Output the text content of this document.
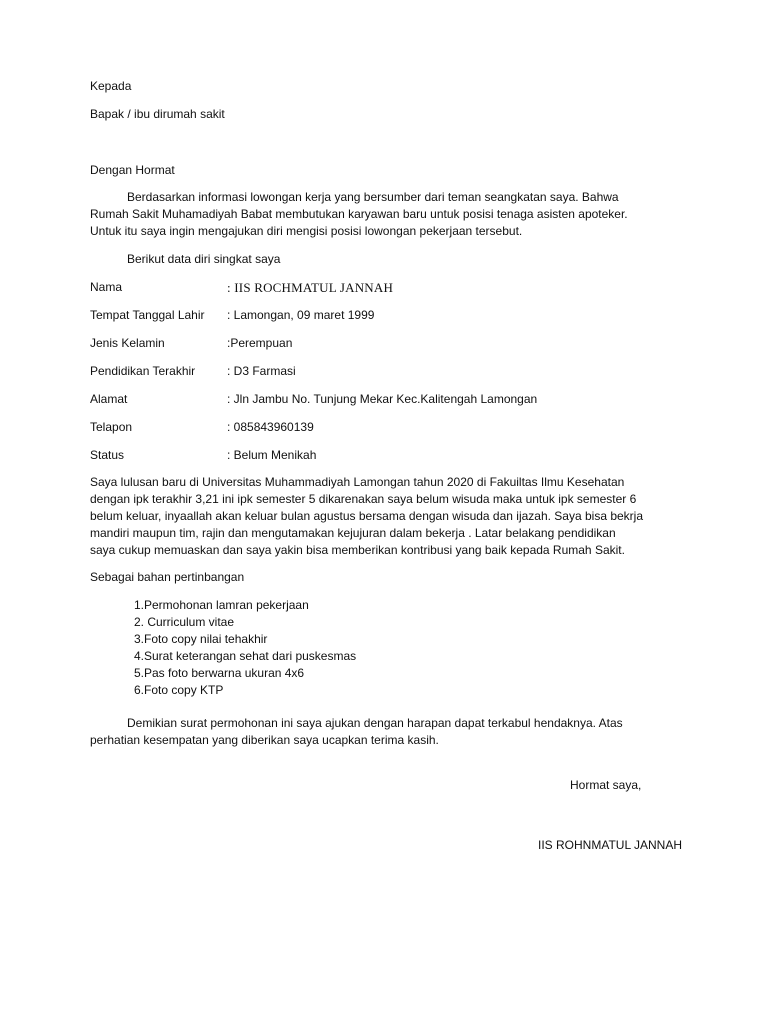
Kepada
Bapak / ibu dirumah sakit
Dengan Hormat
Berdasarkan informasi lowongan kerja yang bersumber dari teman seangkatan saya. Bahwa
Rumah Sakit Muhamadiyah Babat membutukan karyawan baru untuk posisi tenaga asisten apoteker.
Untuk itu saya ingin mengajukan diri mengisi posisi lowongan pekerjaan tersebut.
Berikut data diri singkat saya
Nama	: IIS ROCHMATUL JANNAH
Tempat Tanggal Lahir : Lamongan, 09 maret 1999
Jenis Kelamin	:Perempuan
Pendidikan Terakhir	: D3 Farmasi
Alamat	: Jln Jambu No. Tunjung Mekar Kec.Kalitengah Lamongan
Telapon	: 085843960139
Status	: Belum Menikah
Saya lulusan baru di Universitas Muhammadiyah Lamongan tahun 2020 di Fakuiltas Ilmu Kesehatan
dengan ipk terakhir 3,21 ini ipk semester 5 dikarenakan saya belum wisuda maka untuk ipk semester 6
belum keluar, inyaallah akan keluar bulan agustus bersama dengan wisuda dan ijazah. Saya bisa bekrja
mandiri maupun tim, rajin dan mengutamakan kejujuran dalam bekerja . Latar belakang pendidikan
saya cukup memuaskan dan saya yakin bisa memberikan kontribusi yang baik kepada Rumah Sakit.
Sebagai bahan pertinbangan
1.Permohonan lamran pekerjaan
2. Curriculum vitae
3.Foto copy nilai tehakhir
4.Surat keterangan sehat dari puskesmas
5.Pas foto berwarna ukuran 4x6
6.Foto copy KTP
Demikian surat permohonan ini saya ajukan dengan harapan dapat terkabul hendaknya. Atas
perhatian kesempatan yang diberikan saya ucapkan terima kasih.
Hormat saya,
IIS ROHNMATUL JANNAH
